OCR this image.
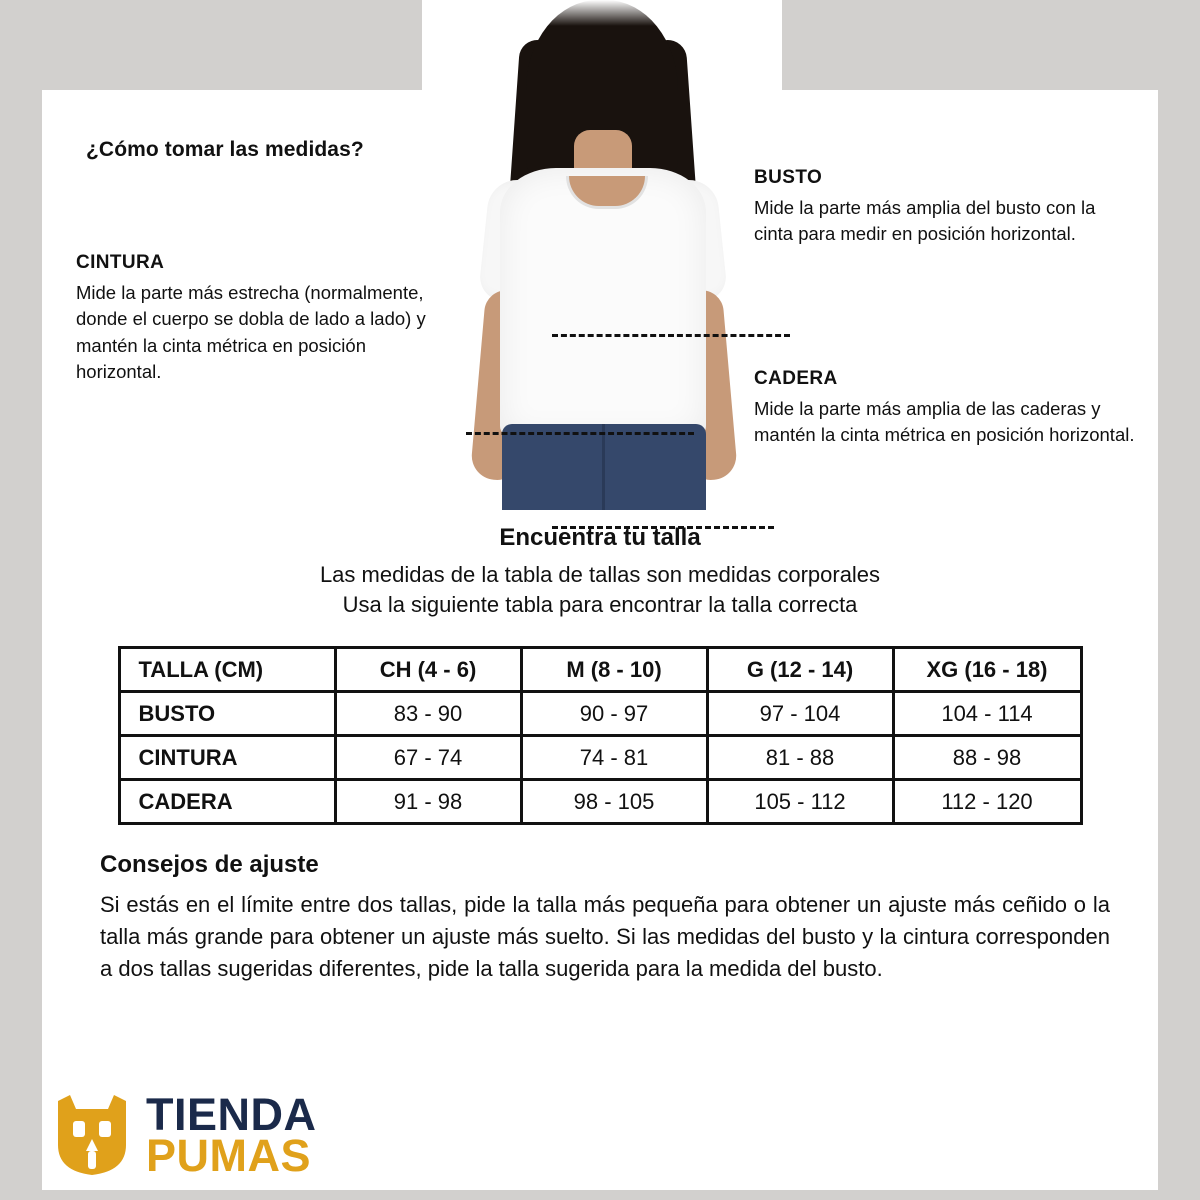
¿Cómo tomar las medidas?
CINTURA
Mide la parte más estrecha (normalmente, donde el cuerpo se dobla de lado a lado) y mantén la cinta métrica en posición horizontal.
BUSTO
Mide la parte más amplia del busto con la cinta para medir en posición horizontal.
CADERA
Mide la parte más amplia de las caderas y mantén la cinta métrica en posición horizontal.
Encuentra tu talla
Las medidas de la tabla de tallas son medidas corporales
Usa la siguiente tabla para encontrar la talla correcta
TALLA (CM)	CH (4 - 6)	M (8 - 10)	G (12 - 14)	XG (16 - 18)
BUSTO	83 - 90	90 - 97	97 - 104	104 - 114
CINTURA	67 - 74	74 - 81	81 - 88	88 - 98
CADERA	91 - 98	98 - 105	105 - 112	112 - 120
Consejos de ajuste
Si estás en el límite entre dos tallas, pide la talla más pequeña para obtener un ajuste más ceñido o la talla más grande para obtener un ajuste más suelto. Si las medidas del busto y la cintura corresponden a dos tallas sugeridas diferentes, pide la talla sugerida para la medida del busto.
TIENDA
PUMAS
